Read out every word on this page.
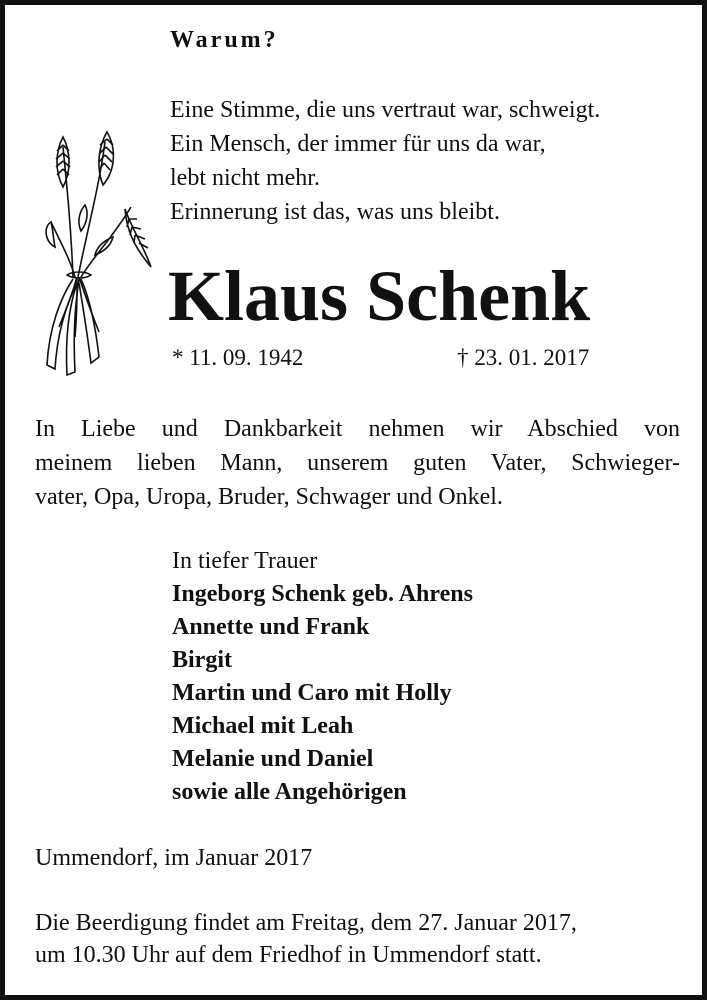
Warum?
Eine Stimme, die uns vertraut war, schweigt.
Ein Mensch, der immer für uns da war,
lebt nicht mehr.
Erinnerung ist das, was uns bleibt.
Klaus Schenk
* 11. 09. 1942	† 23. 01. 2017
In Liebe und Dankbarkeit nehmen wir Abschied von
meinem lieben Mann, unserem guten Vater, Schwieger-
vater, Opa, Uropa, Bruder, Schwager und Onkel.
In tiefer Trauer
Ingeborg Schenk geb. Ahrens
Annette und Frank
Birgit
Martin und Caro mit Holly
Michael mit Leah
Melanie und Daniel
sowie alle Angehörigen
Ummendorf, im Januar 2017
Die Beerdigung findet am Freitag, dem 27. Januar 2017,
um 10.30 Uhr auf dem Friedhof in Ummendorf statt.
